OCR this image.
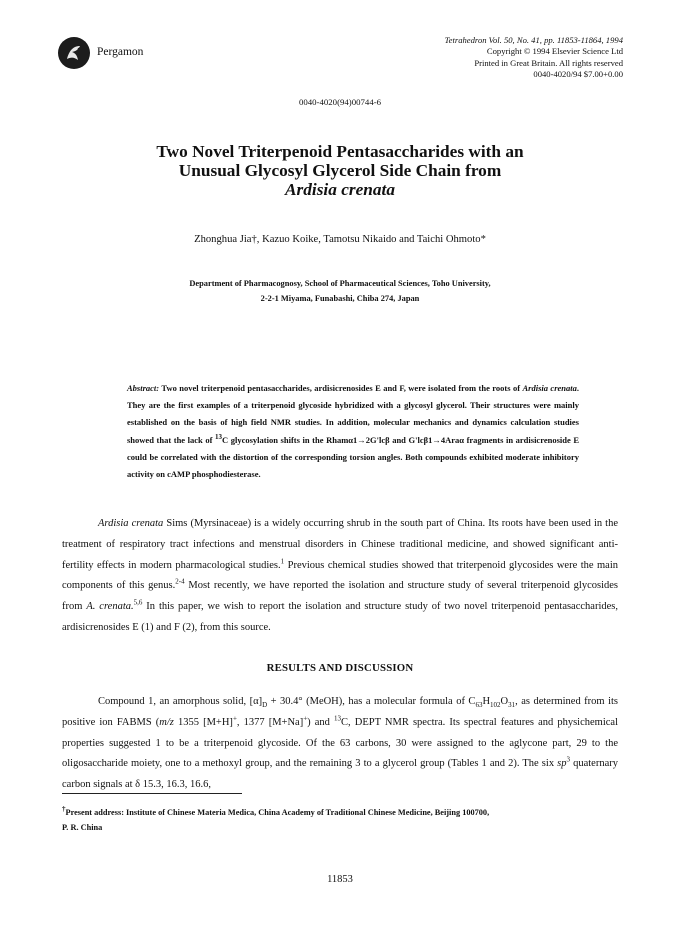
Pergamon
Tetrahedron Vol. 50, No. 41, pp. 11853-11864, 1994
Copyright © 1994 Elsevier Science Ltd
Printed in Great Britain. All rights reserved
0040-4020/94 $7.00+0.00
0040-4020(94)00744-6
Two Novel Triterpenoid Pentasaccharides with an
Unusual Glycosyl Glycerol Side Chain from
Ardisia crenata
Zhonghua Jia†, Kazuo Koike, Tamotsu Nikaido and Taichi Ohmoto*
Department of Pharmacognosy, School of Pharmaceutical Sciences, Toho University,
2-2-1 Miyama, Funabashi, Chiba 274, Japan
Abstract: Two novel triterpenoid pentasaccharides, ardisicrenosides E and F, were isolated from the roots of Ardisia crenata. They are the first examples of a triterpenoid glycoside hybridized with a glycosyl glycerol. Their structures were mainly established on the basis of high field NMR studies. In addition, molecular mechanics and dynamics calculation studies showed that the lack of $^{13}$C glycosylation shifts in the Rhamα1→2G'lcβ and G'lcβ1→4Araα fragments in ardisicrenoside E could be correlated with the distortion of the corresponding torsion angles. Both compounds exhibited moderate inhibitory activity on cAMP phosphodiesterase.
Ardisia crenata Sims (Myrsinaceae) is a widely occurring shrub in the south part of China. Its roots have been used in the treatment of respiratory tract infections and menstrual disorders in Chinese traditional medicine, and showed significant anti-fertility effects in modern pharmacological studies.$^1$ Previous chemical studies showed that triterpenoid glycosides were the main components of this genus.$^{2-4}$ Most recently, we have reported the isolation and structure study of several triterpenoid glycosides from A. crenata.$^{5,6}$ In this paper, we wish to report the isolation and structure study of two novel triterpenoid pentasaccharides, ardisicrenosides E (1) and F (2), from this source.
RESULTS AND DISCUSSION
Compound 1, an amorphous solid, $[\alpha]_D + 30.4^\circ$ (MeOH), has a molecular formula of $C_{63}H_{102}O_{31}$, as determined from its positive ion FABMS (m/z 1355 [M+H]+, 1377 [M+Na]+) and $^{13}$C, DEPT NMR spectra. Its spectral features and physichemical properties suggested 1 to be a triterpenoid glycoside. Of the 63 carbons, 30 were assigned to the aglycone part, 29 to the oligosaccharide moiety, one to a methoxyl group, and the remaining 3 to a glycerol group (Tables 1 and 2). The six $sp^3$ quaternary carbon signals at δ 15.3, 16.3, 16.6,
†Present address: Institute of Chinese Materia Medica, China Academy of Traditional Chinese Medicine, Beijing 100700,
P. R. China
11853
